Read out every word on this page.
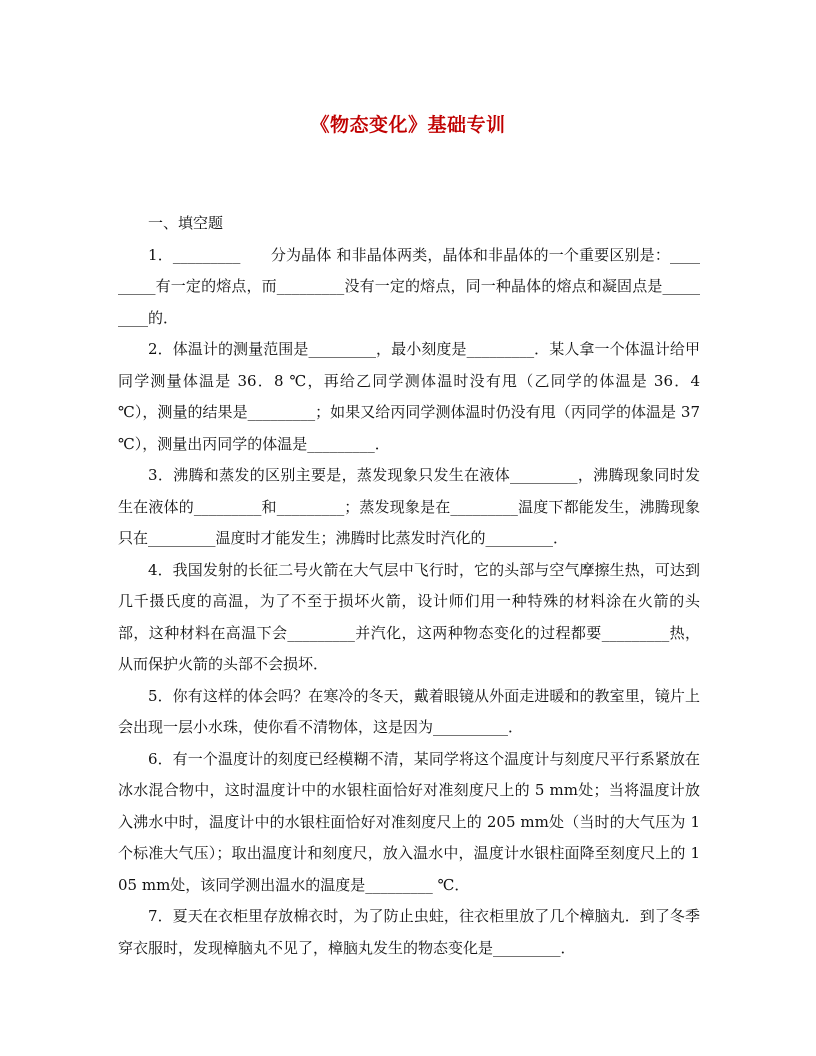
《物态变化》基础专训

一、填空题

1．_________　　分为晶体 和非晶体两类，晶体和非晶体的一个重要区别是：_________有一定的熔点，而_________没有一定的熔点，同一种晶体的熔点和凝固点是_________的．

2．体温计的测量范围是_________，最小刻度是_________．某人拿一个体温计给甲同学测量体温是 36．8 ℃，再给乙同学测体温时没有甩（乙同学的体温是 36．4 ℃），测量的结果是_________；如果又给丙同学测体温时仍没有甩（丙同学的体温是 37 ℃），测量出丙同学的体温是_________．

3．沸腾和蒸发的区别主要是，蒸发现象只发生在液体_________，沸腾现象同时发生在液体的_________和_________；蒸发现象是在_________温度下都能发生，沸腾现象只在_________温度时才能发生；沸腾时比蒸发时汽化的_________．

4．我国发射的长征二号火箭在大气层中飞行时，它的头部与空气摩擦生热，可达到几千摄氏度的高温，为了不至于损坏火箭，设计师们用一种特殊的材料涂在火箭的头部，这种材料在高温下会_________并汽化，这两种物态变化的过程都要_________热，从而保护火箭的头部不会损坏．

5．你有这样的体会吗？在寒冷的冬天，戴着眼镜从外面走进暖和的教室里，镜片上会出现一层小水珠，使你看不清物体，这是因为__________．

6．有一个温度计的刻度已经模糊不清，某同学将这个温度计与刻度尺平行系紧放在冰水混合物中，这时温度计中的水银柱面恰好对准刻度尺上的 5 mm处；当将温度计放入沸水中时，温度计中的水银柱面恰好对准刻度尺上的 205 mm处（当时的大气压为 1 个标准大气压）；取出温度计和刻度尺，放入温水中，温度计水银柱面降至刻度尺上的 105 mm处，该同学测出温水的温度是_________ ℃．

7．夏天在衣柜里存放棉衣时，为了防止虫蛀，往衣柜里放了几个樟脑丸．到了冬季穿衣服时，发现樟脑丸不见了，樟脑丸发生的物态变化是_________．
